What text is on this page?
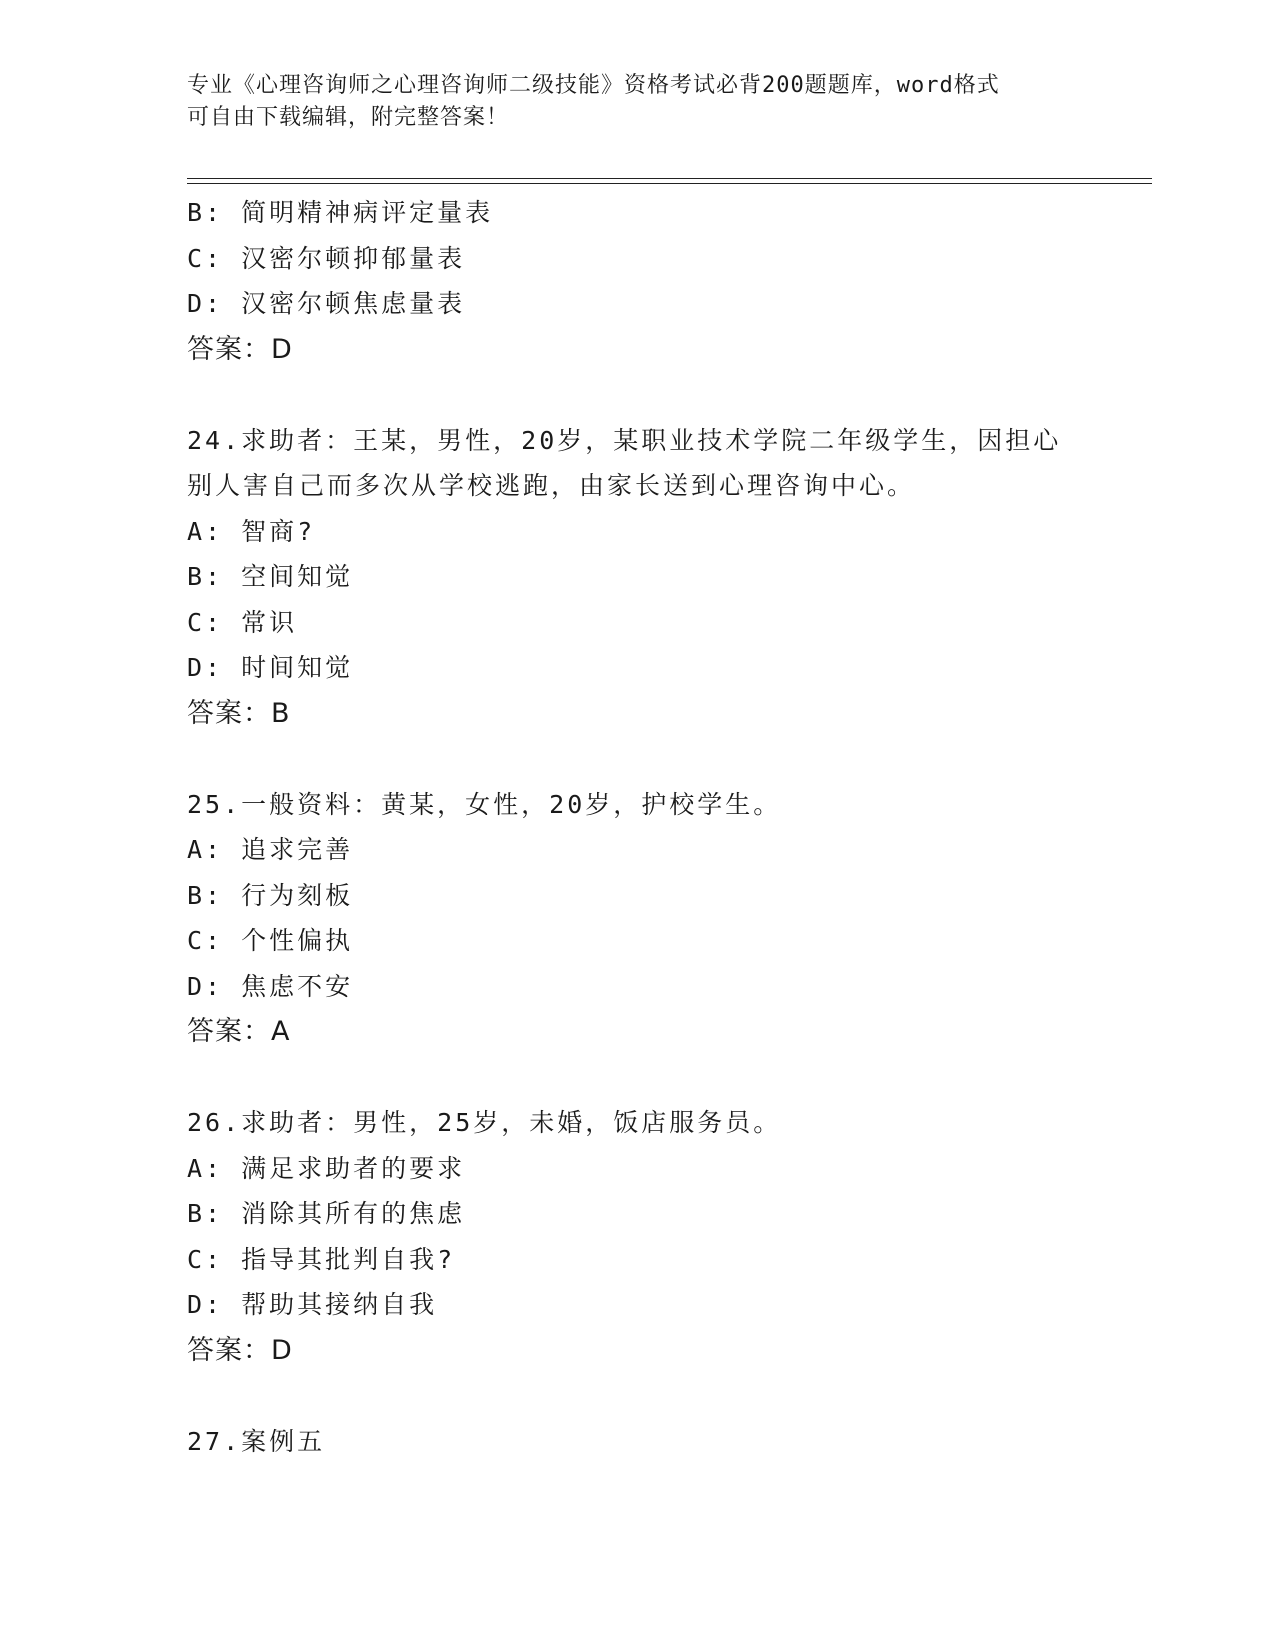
专业《心理咨询师之心理咨询师二级技能》资格考试必背200题题库，word格式
可自由下载编辑，附完整答案！
B: 简明精神病评定量表
C: 汉密尔顿抑郁量表
D: 汉密尔顿焦虑量表
答案：D
24.求助者：王某，男性，20岁，某职业技术学院二年级学生，因担心
别人害自己而多次从学校逃跑，由家长送到心理咨询中心。
A: 智商?
B: 空间知觉
C: 常识
D: 时间知觉
答案：B
25.一般资料：黄某，女性，20岁，护校学生。
A: 追求完善
B: 行为刻板
C: 个性偏执
D: 焦虑不安
答案：A
26.求助者：男性，25岁，未婚，饭店服务员。
A: 满足求助者的要求
B: 消除其所有的焦虑
C: 指导其批判自我?
D: 帮助其接纳自我
答案：D
27.案例五
